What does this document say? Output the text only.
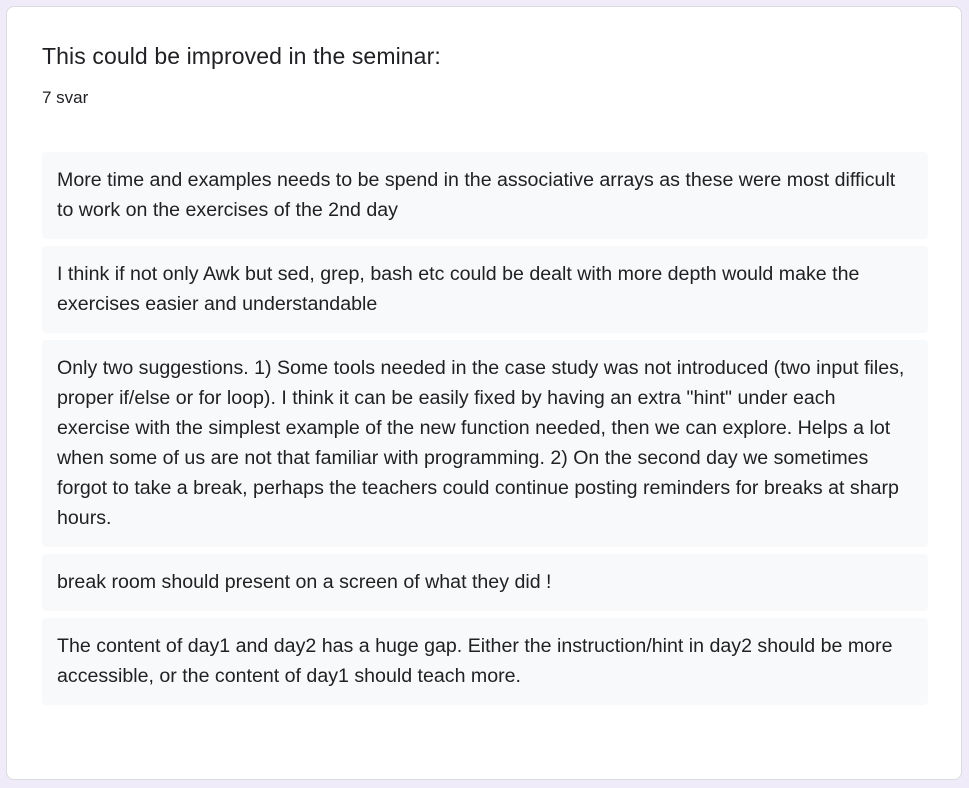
This could be improved in the seminar:
7 svar
More time and examples needs to be spend in the associative arrays as these were most difficult to work on the exercises of the 2nd day
I think if not only Awk but sed, grep, bash etc could be dealt with more depth would make the exercises easier and understandable
Only two suggestions. 1) Some tools needed in the case study was not introduced (two input files, proper if/else or for loop). I think it can be easily fixed by having an extra "hint" under each exercise with the simplest example of the new function needed, then we can explore. Helps a lot when some of us are not that familiar with programming. 2) On the second day we sometimes forgot to take a break, perhaps the teachers could continue posting reminders for breaks at sharp hours.
break room should present on a screen of what they did !
The content of day1 and day2 has a huge gap. Either the instruction/hint in day2 should be more accessible, or the content of day1 should teach more.
